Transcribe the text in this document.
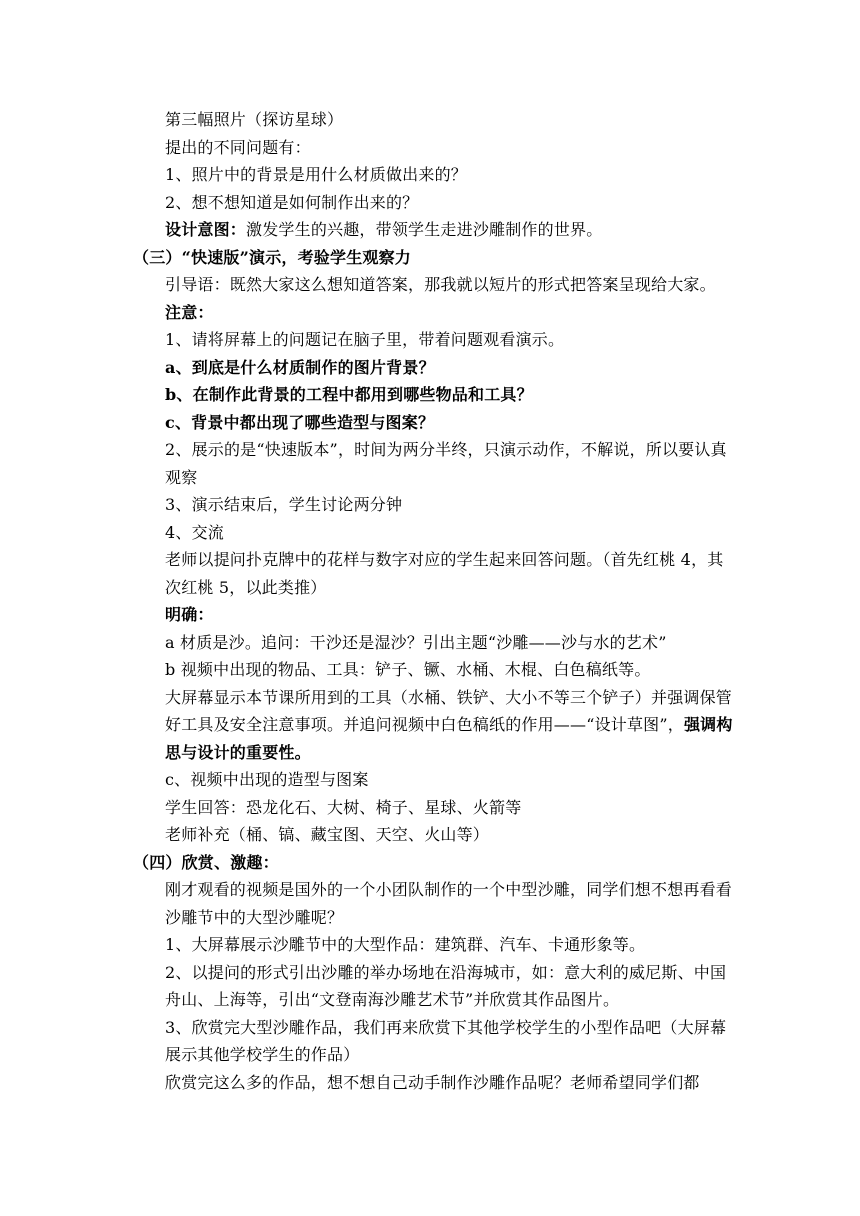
第三幅照片（探访星球）
提出的不同问题有：
1、照片中的背景是用什么材质做出来的？
2、想不想知道是如何制作出来的？
设计意图：激发学生的兴趣，带领学生走进沙雕制作的世界。
（三）“快速版”演示，考验学生观察力
引导语：既然大家这么想知道答案，那我就以短片的形式把答案呈现给大家。
注意：
1、请将屏幕上的问题记在脑子里，带着问题观看演示。
a、到底是什么材质制作的图片背景？
b、在制作此背景的工程中都用到哪些物品和工具？
c、背景中都出现了哪些造型与图案？
2、展示的是“快速版本”，时间为两分半终，只演示动作，不解说，所以要认真观察
3、演示结束后，学生讨论两分钟
4、交流
老师以提问扑克牌中的花样与数字对应的学生起来回答问题。（首先红桃 4，其次红桃 5，以此类推）
明确：
a 材质是沙。追问：干沙还是湿沙？引出主题“沙雕——沙与水的艺术”
b 视频中出现的物品、工具：铲子、镢、水桶、木棍、白色稿纸等。
大屏幕显示本节课所用到的工具（水桶、铁铲、大小不等三个铲子）并强调保管好工具及安全注意事项。并追问视频中白色稿纸的作用——“设计草图”，强调构思与设计的重要性。
c、视频中出现的造型与图案
学生回答：恐龙化石、大树、椅子、星球、火箭等
老师补充（桶、镐、藏宝图、天空、火山等）
（四）欣赏、激趣：
刚才观看的视频是国外的一个小团队制作的一个中型沙雕，同学们想不想再看看沙雕节中的大型沙雕呢？
1、大屏幕展示沙雕节中的大型作品：建筑群、汽车、卡通形象等。
2、以提问的形式引出沙雕的举办场地在沿海城市，如：意大利的威尼斯、中国舟山、上海等，引出“文登南海沙雕艺术节”并欣赏其作品图片。
3、欣赏完大型沙雕作品，我们再来欣赏下其他学校学生的小型作品吧（大屏幕展示其他学校学生的作品）
欣赏完这么多的作品，想不想自己动手制作沙雕作品呢？老师希望同学们都
